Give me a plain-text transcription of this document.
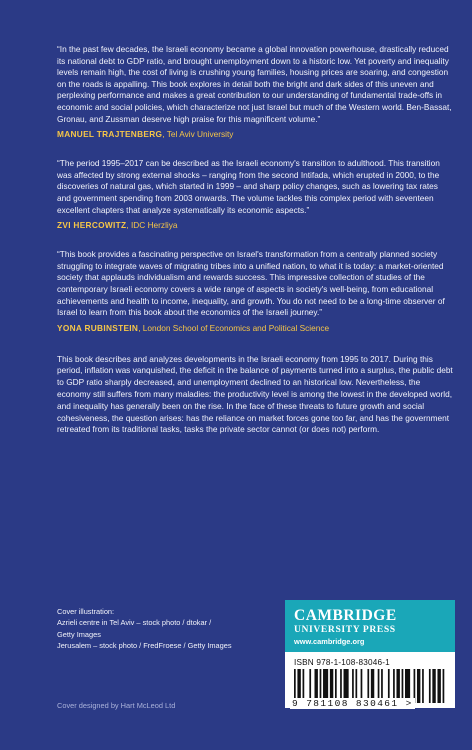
“In the past few decades, the Israeli economy became a global innovation powerhouse, drastically reduced its national debt to GDP ratio, and brought unemployment down to a historic low. Yet poverty and inequality levels remain high, the cost of living is crushing young families, housing prices are soaring, and congestion on the roads is appalling. This book explores in detail both the bright and dark sides of this uneven and perplexing performance and makes a great contribution to our understanding of fundamental trade-offs in economic and social policies, which characterize not just Israel but much of the Western world. Ben-Bassat, Gronau, and Zussman deserve high praise for this magnificent volume.”

MANUEL TRAJTENBERG, Tel Aviv University

“The period 1995–2017 can be described as the Israeli economy's transition to adulthood. This transition was affected by strong external shocks – ranging from the second Intifada, which erupted in 2000, to the discoveries of natural gas, which started in 1999 – and sharp policy changes, such as lowering tax rates and government spending from 2003 onwards. The volume tackles this complex period with seventeen excellent chapters that analyze systematically its economic aspects.”

ZVI HERCOWITZ, IDC Herzliya

“This book provides a fascinating perspective on Israel's transformation from a centrally planned society struggling to integrate waves of migrating tribes into a unified nation, to what it is today: a market-oriented society that applauds individualism and rewards success. This impressive collection of studies of the contemporary Israeli economy covers a wide range of aspects in society's well-being, from educational achievements and health to income, inequality, and growth. You do not need to be a long-time observer of Israel to learn from this book about the economics of the Israeli journey.”

YONA RUBINSTEIN, London School of Economics and Political Science

This book describes and analyzes developments in the Israeli economy from 1995 to 2017. During this period, inflation was vanquished, the deficit in the balance of payments turned into a surplus, the public debt to GDP ratio sharply decreased, and unemployment declined to an historical low. Nevertheless, the economy still suffers from many maladies: the productivity level is among the lowest in the developed world, and inequality has generally been on the rise. In the face of these threats to future growth and social cohesiveness, the question arises: has the reliance on market forces gone too far, and has the government retreated from its traditional tasks, tasks the private sector cannot (or does not) perform.

Cover illustration:

Azrieli centre in Tel Aviv – stock photo / dtokar /

Getty Images

Jerusalem – stock photo / FredFroese / Getty Images

Cover designed by Hart McLeod Ltd
CAMBRIDGE
UNIVERSITY PRESS
www.cambridge.org
ISBN 978-1-108-83046-1
9 781108 830461 >
